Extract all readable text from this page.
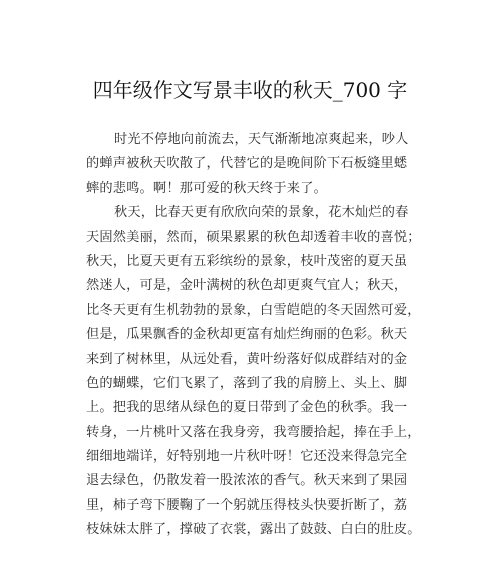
四年级作文写景丰收的秋天_700 字
时光不停地向前流去，天气渐渐地凉爽起来，吵人
的蝉声被秋天吹散了，代替它的是晚间阶下石板缝里蟋
蟀的悲鸣。啊！那可爱的秋天终于来了。
秋天，比春天更有欣欣向荣的景象，花木灿烂的春
天固然美丽，然而，硕果累累的秋色却透着丰收的喜悦；
秋天，比夏天更有五彩缤纷的景象，枝叶茂密的夏天虽
然迷人，可是，金叶满树的秋色却更爽气宜人；秋天，
比冬天更有生机勃勃的景象，白雪皑皑的冬天固然可爱，
但是，瓜果飘香的金秋却更富有灿烂绚丽的色彩。秋天
来到了树林里，从远处看，黄叶纷落好似成群结对的金
色的蝴蝶，它们飞累了，落到了我的肩膀上、头上、脚
上。把我的思绪从绿色的夏日带到了金色的秋季。我一
转身，一片桃叶又落在我身旁，我弯腰拾起，捧在手上，
细细地端详，好特别地一片秋叶呀！它还没来得急完全
退去绿色，仍散发着一股浓浓的香气。秋天来到了果园
里，柿子弯下腰鞠了一个躬就压得枝头快要折断了，荔
枝妹妹太胖了，撑破了衣裳，露出了鼓鼓、白白的肚皮。
